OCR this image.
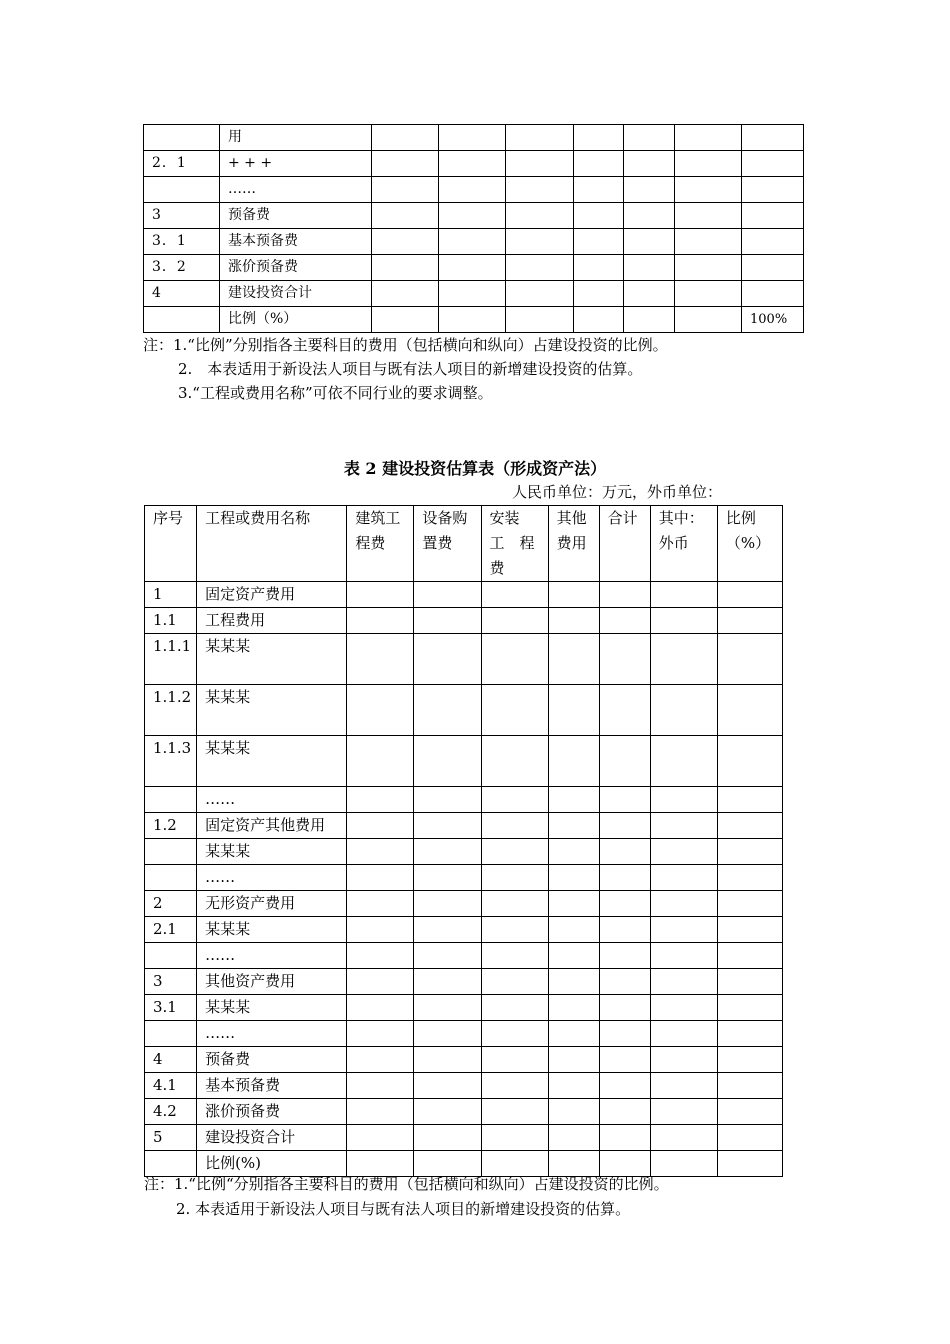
	用							
2．1	+ + +							
	……							
3	预备费							
3．1	基本预备费							
3．2	涨价预备费							
4	建设投资合计							
	比例（%）							100%
注：1.“比例”分别指各主要科目的费用（包括横向和纵向）占建设投资的比例。
2.　本表适用于新设法人项目与既有法人项目的新增建设投资的估算。
3.“工程或费用名称”可依不同行业的要求调整。
表 2 建设投资估算表（形成资产法）
人民币单位：万元，外币单位：
序号	工程或费用名称	建筑工程费	设备购置费	安装　工　程费	其他费用	合计	其中：外币	比例（%）
1	固定资产费用							
1.1	工程费用							
1.1.1	某某某							
1.1.2	某某某							
1.1.3	某某某							
	……							
1.2	固定资产其他费用							
	某某某							
	……							
2	无形资产费用							
2.1	某某某							
	……							
3	其他资产费用							
3.1	某某某							
	……							
4	预备费							
4.1	基本预备费							
4.2	涨价预备费							
5	建设投资合计							
	比例(%)							
注：1.“比例“分别指各主要科目的费用（包括横向和纵向）占建设投资的比例。
2. 本表适用于新设法人项目与既有法人项目的新增建设投资的估算。
